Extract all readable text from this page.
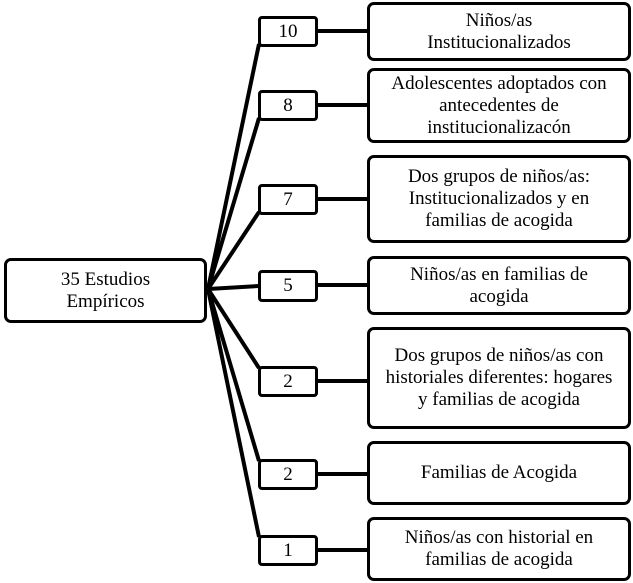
35 Estudios Empíricos
10
8
7
5
2
2
1
Niños/as Institucionalizados
Adolescentes adoptados con antecedentes de institucionalizacón
Dos grupos de niños/as: Institucionalizados y en familias de acogida
Niños/as en familias de acogida
Dos grupos de niños/as con historiales diferentes: hogares y familias de acogida
Familias de Acogida
Niños/as con historial en familias de acogida
